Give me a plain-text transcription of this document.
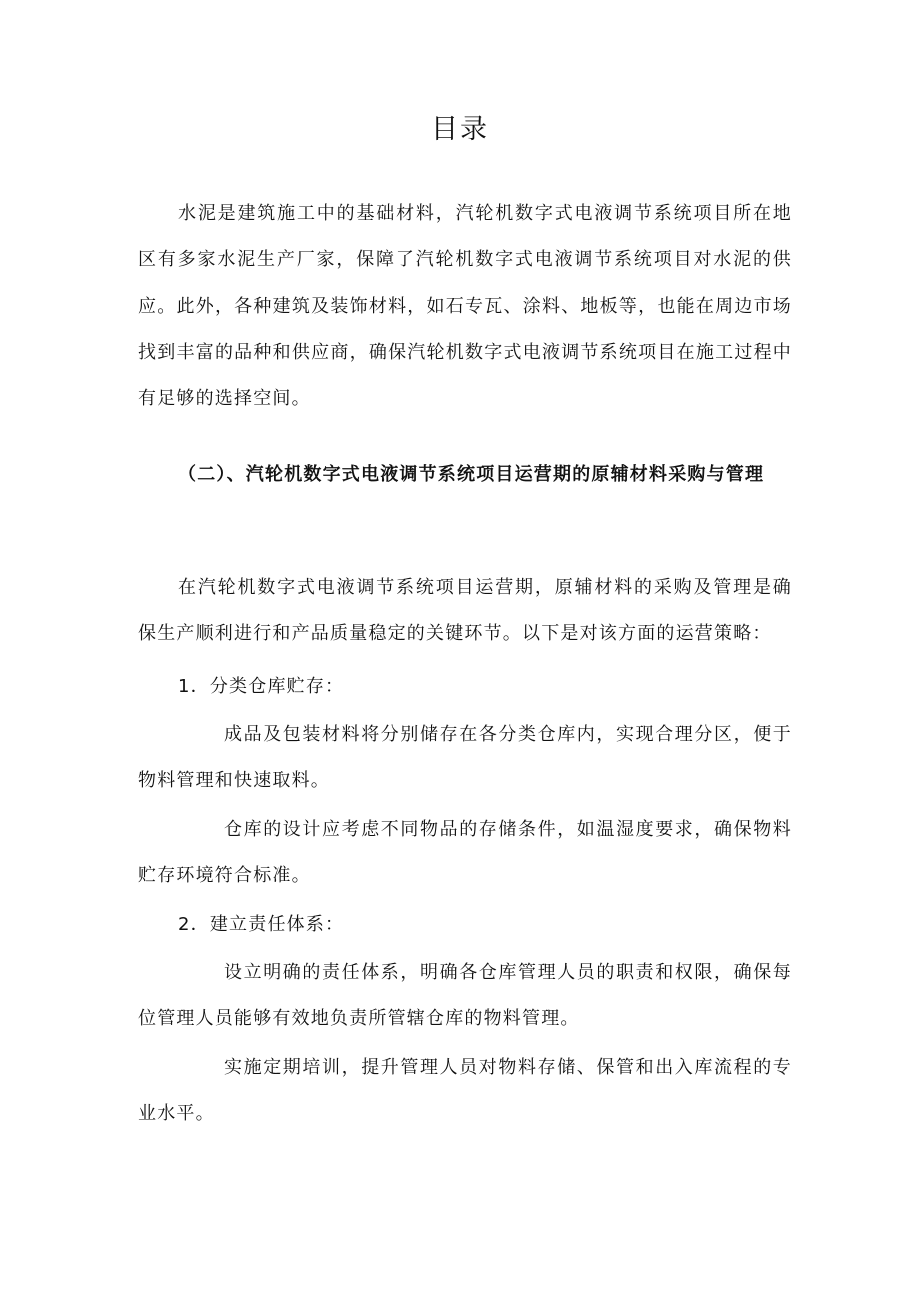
目录

水泥是建筑施工中的基础材料，汽轮机数字式电液调节系统项目所在地区有多家水泥生产厂家，保障了汽轮机数字式电液调节系统项目对水泥的供应。此外，各种建筑及装饰材料，如石专瓦、涂料、地板等，也能在周边市场找到丰富的品种和供应商，确保汽轮机数字式电液调节系统项目在施工过程中有足够的选择空间。

（二）、汽轮机数字式电液调节系统项目运营期的原辅材料采购与管理

在汽轮机数字式电液调节系统项目运营期，原辅材料的采购及管理是确保生产顺利进行和产品质量稳定的关键环节。以下是对该方面的运营策略：

1．分类仓库贮存：

成品及包装材料将分别储存在各分类仓库内，实现合理分区，便于物料管理和快速取料。

仓库的设计应考虑不同物品的存储条件，如温湿度要求，确保物料贮存环境符合标准。

2．建立责任体系：

设立明确的责任体系，明确各仓库管理人员的职责和权限，确保每位管理人员能够有效地负责所管辖仓库的物料管理。

实施定期培训，提升管理人员对物料存储、保管和出入库流程的专业水平。
